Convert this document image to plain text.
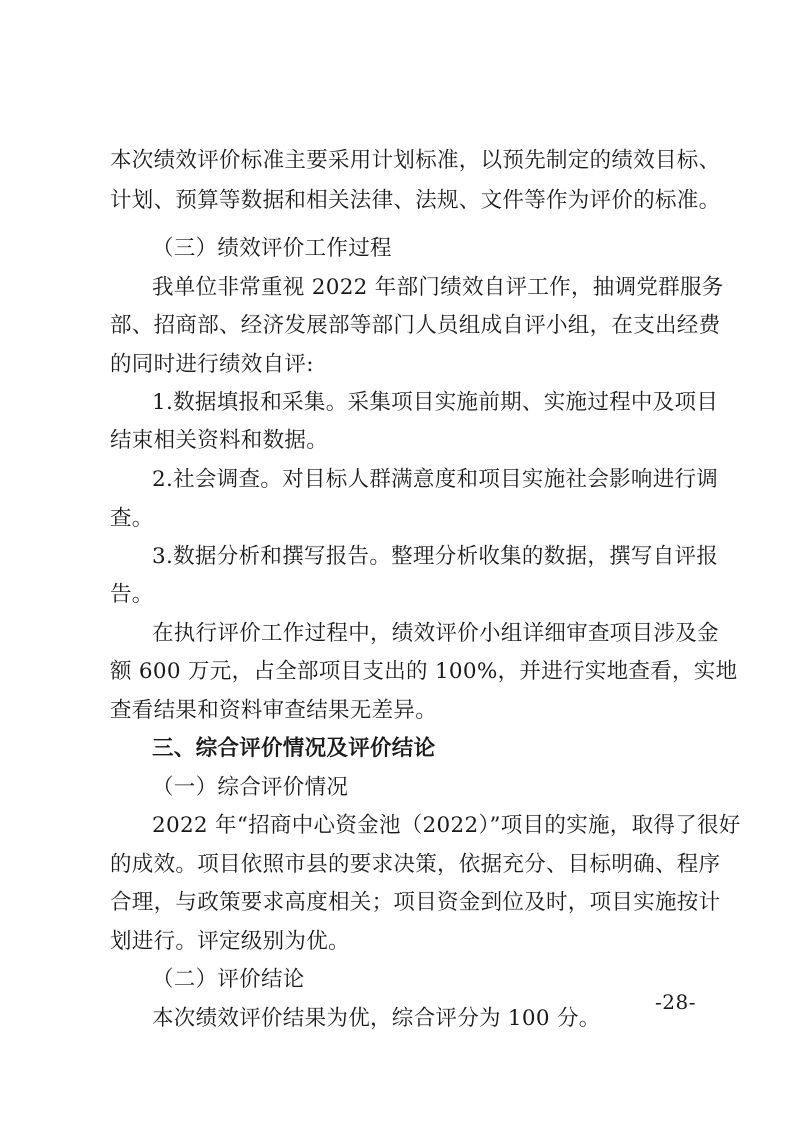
本次绩效评价标准主要采用计划标准，以预先制定的绩效目标、
计划、预算等数据和相关法律、法规、文件等作为评价的标准。
（三）绩效评价工作过程
我单位非常重视 2022 年部门绩效自评工作，抽调党群服务
部、招商部、经济发展部等部门人员组成自评小组，在支出经费
的同时进行绩效自评:
1.数据填报和采集。采集项目实施前期、实施过程中及项目
结束相关资料和数据。
2.社会调查。对目标人群满意度和项目实施社会影响进行调
查。
3.数据分析和撰写报告。整理分析收集的数据，撰写自评报
告。
在执行评价工作过程中，绩效评价小组详细审查项目涉及金
额 600 万元，占全部项目支出的 100%，并进行实地查看，实地
查看结果和资料审查结果无差异。
三、综合评价情况及评价结论
（一）综合评价情况
2022 年“招商中心资金池（2022）”项目的实施，取得了很好
的成效。项目依照市县的要求决策，依据充分、目标明确、程序
合理，与政策要求高度相关；项目资金到位及时，项目实施按计
划进行。评定级别为优。
（二）评价结论
本次绩效评价结果为优，综合评分为 100 分。
-28-
